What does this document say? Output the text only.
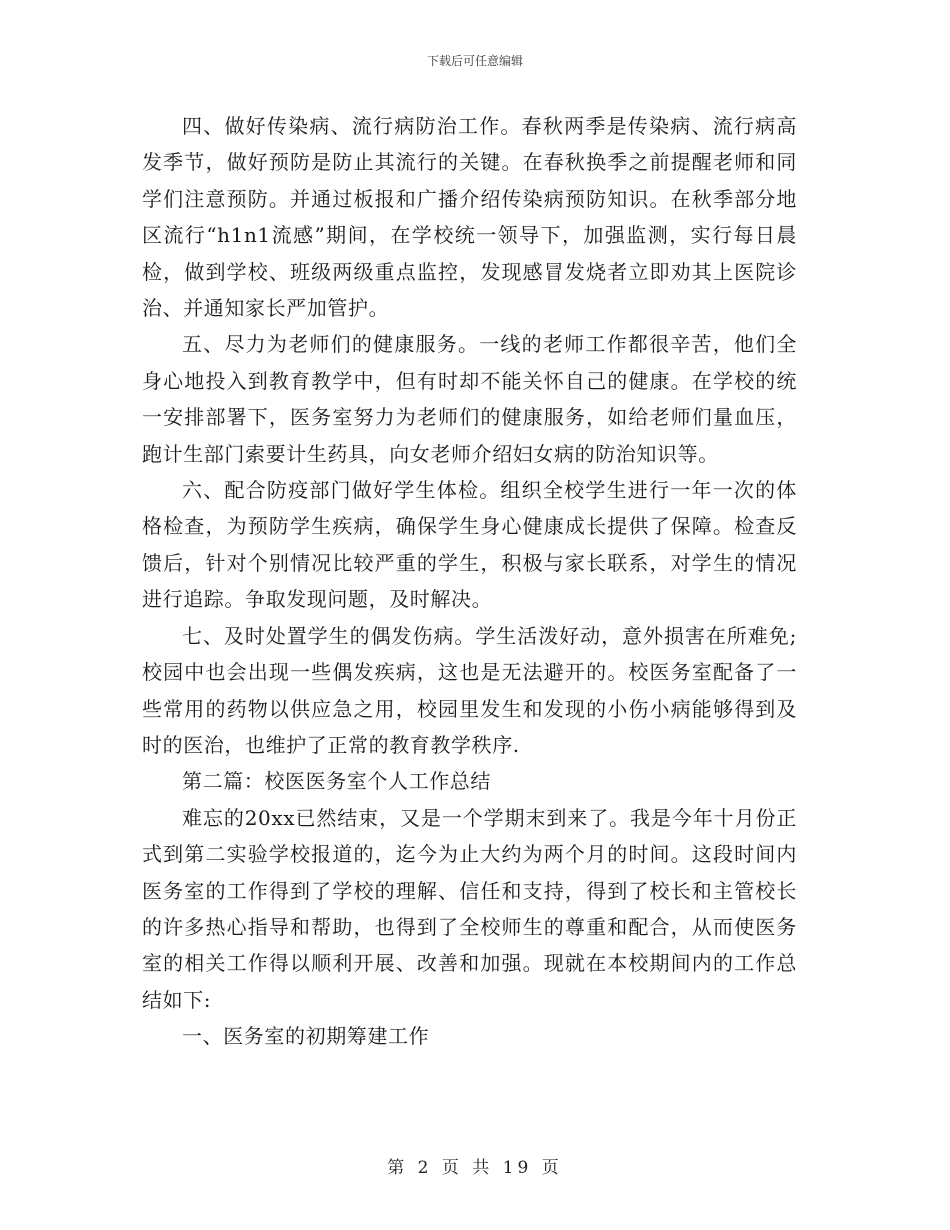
下载后可任意编辑

四、做好传染病、流行病防治工作。春秋两季是传染病、流行病高发季节，做好预防是防止其流行的关键。在春秋换季之前提醒老师和同学们注意预防。并通过板报和广播介绍传染病预防知识。在秋季部分地区流行“h1n1流感”期间，在学校统一领导下，加强监测，实行每日晨检，做到学校、班级两级重点监控，发现感冒发烧者立即劝其上医院诊治、并通知家长严加管护。

五、尽力为老师们的健康服务。一线的老师工作都很辛苦，他们全身心地投入到教育教学中，但有时却不能关怀自己的健康。在学校的统一安排部署下，医务室努力为老师们的健康服务，如给老师们量血压，跑计生部门索要计生药具，向女老师介绍妇女病的防治知识等。

六、配合防疫部门做好学生体检。组织全校学生进行一年一次的体格检查，为预防学生疾病，确保学生身心健康成长提供了保障。检查反馈后，针对个别情况比较严重的学生，积极与家长联系，对学生的情况进行追踪。争取发现问题，及时解决。

七、及时处置学生的偶发伤病。学生活泼好动，意外损害在所难免;校园中也会出现一些偶发疾病，这也是无法避开的。校医务室配备了一些常用的药物以供应急之用，校园里发生和发现的小伤小病能够得到及时的医治，也维护了正常的教育教学秩序.

第二篇：校医医务室个人工作总结

难忘的20xx已然结束，又是一个学期末到来了。我是今年十月份正式到第二实验学校报道的，迄今为止大约为两个月的时间。这段时间内医务室的工作得到了学校的理解、信任和支持，得到了校长和主管校长的许多热心指导和帮助，也得到了全校师生的尊重和配合，从而使医务室的相关工作得以顺利开展、改善和加强。现就在本校期间内的工作总结如下:

一、医务室的初期筹建工作

第 2 页 共 19 页
